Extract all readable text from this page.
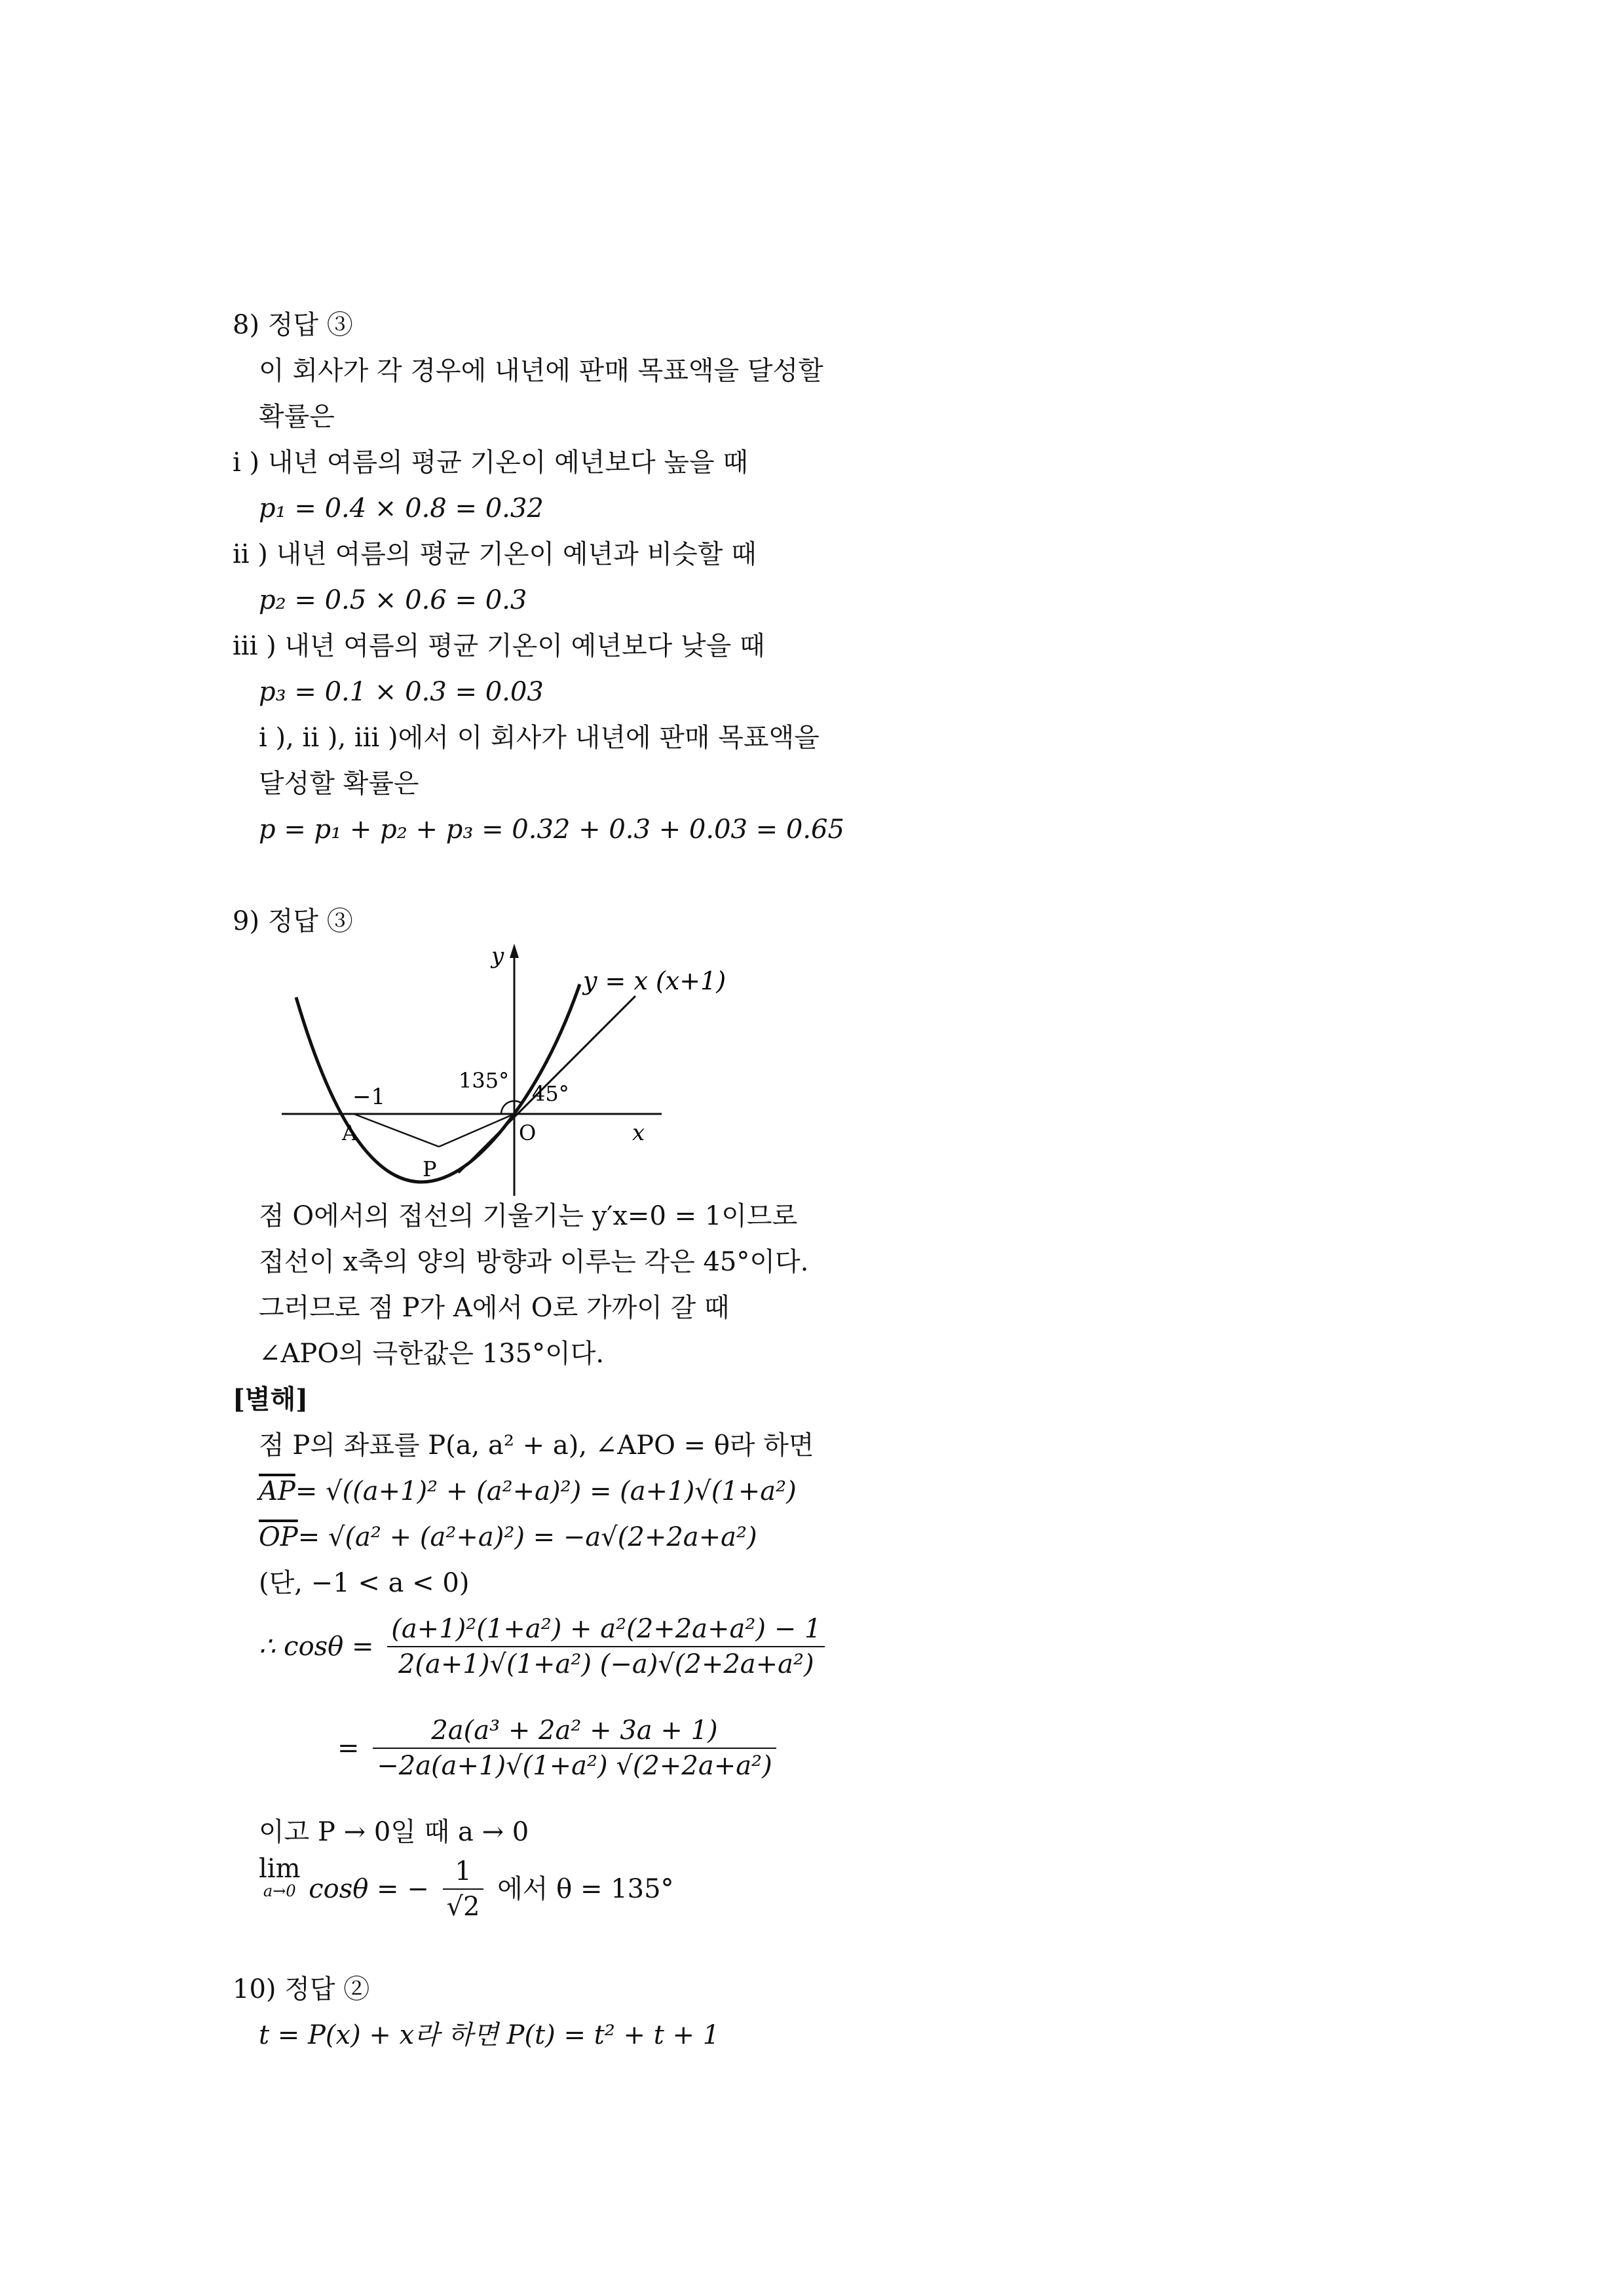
8) 정답 ③
이 회사가 각 경우에 내년에 판매 목표액을 달성할
확률은
i ) 내년 여름의 평균 기온이 예년보다 높을 때
p₁ = 0.4 × 0.8 = 0.32
ii ) 내년 여름의 평균 기온이 예년과 비슷할 때
p₂ = 0.5 × 0.6 = 0.3
iii ) 내년 여름의 평균 기온이 예년보다 낮을 때
p₃ = 0.1 × 0.3 = 0.03
i ), ii ), iii )에서 이 회사가 내년에 판매 목표액을
달성할 확률은
p = p₁ + p₂ + p₃ = 0.32 + 0.3 + 0.03 = 0.65
9) 정답 ③
y
x
y = x (x+1)
−1
135°
45°
A	O
P
점 O에서의 접선의 기울기는 y′x=0 = 1이므로
접선이 x축의 양의 방향과 이루는 각은 45°이다.
그러므로 점 P가 A에서 O로 가까이 갈 때
∠APO의 극한값은 135°이다.
[별해]
점 P의 좌표를 P(a, a² + a), ∠APO = θ라 하면
$\overline{AP}= √((a+1)^2 + (a^2+a)^2) = (a+1)√(1+a^2)$
$\overline{OP}= √(a^2 + (a^2+a)^2) = -a√(2+2a+a^2)$
(단, −1 < a < 0)
∴ $\cos\theta = \frac{\text{(a+1)²(1+a²) + a²(2+2a+a²) − 1}}{\text{2(a+1)√(1+a²) (−a)√(2+2a+a²)}}$
= $\frac{\text{2a(a³ + 2a² + 3a + 1)}}{\text{−2a(a+1)√(1+a²) √(2+2a+a²)}}$
이고 P → 0일 때 a → 0
lim
a→0 cosθ = − $\frac{1}{√2}$ 에서 θ = 135°
10) 정답 ②
t = P(x) + x라 하면 P(t) = t² + t + 1
